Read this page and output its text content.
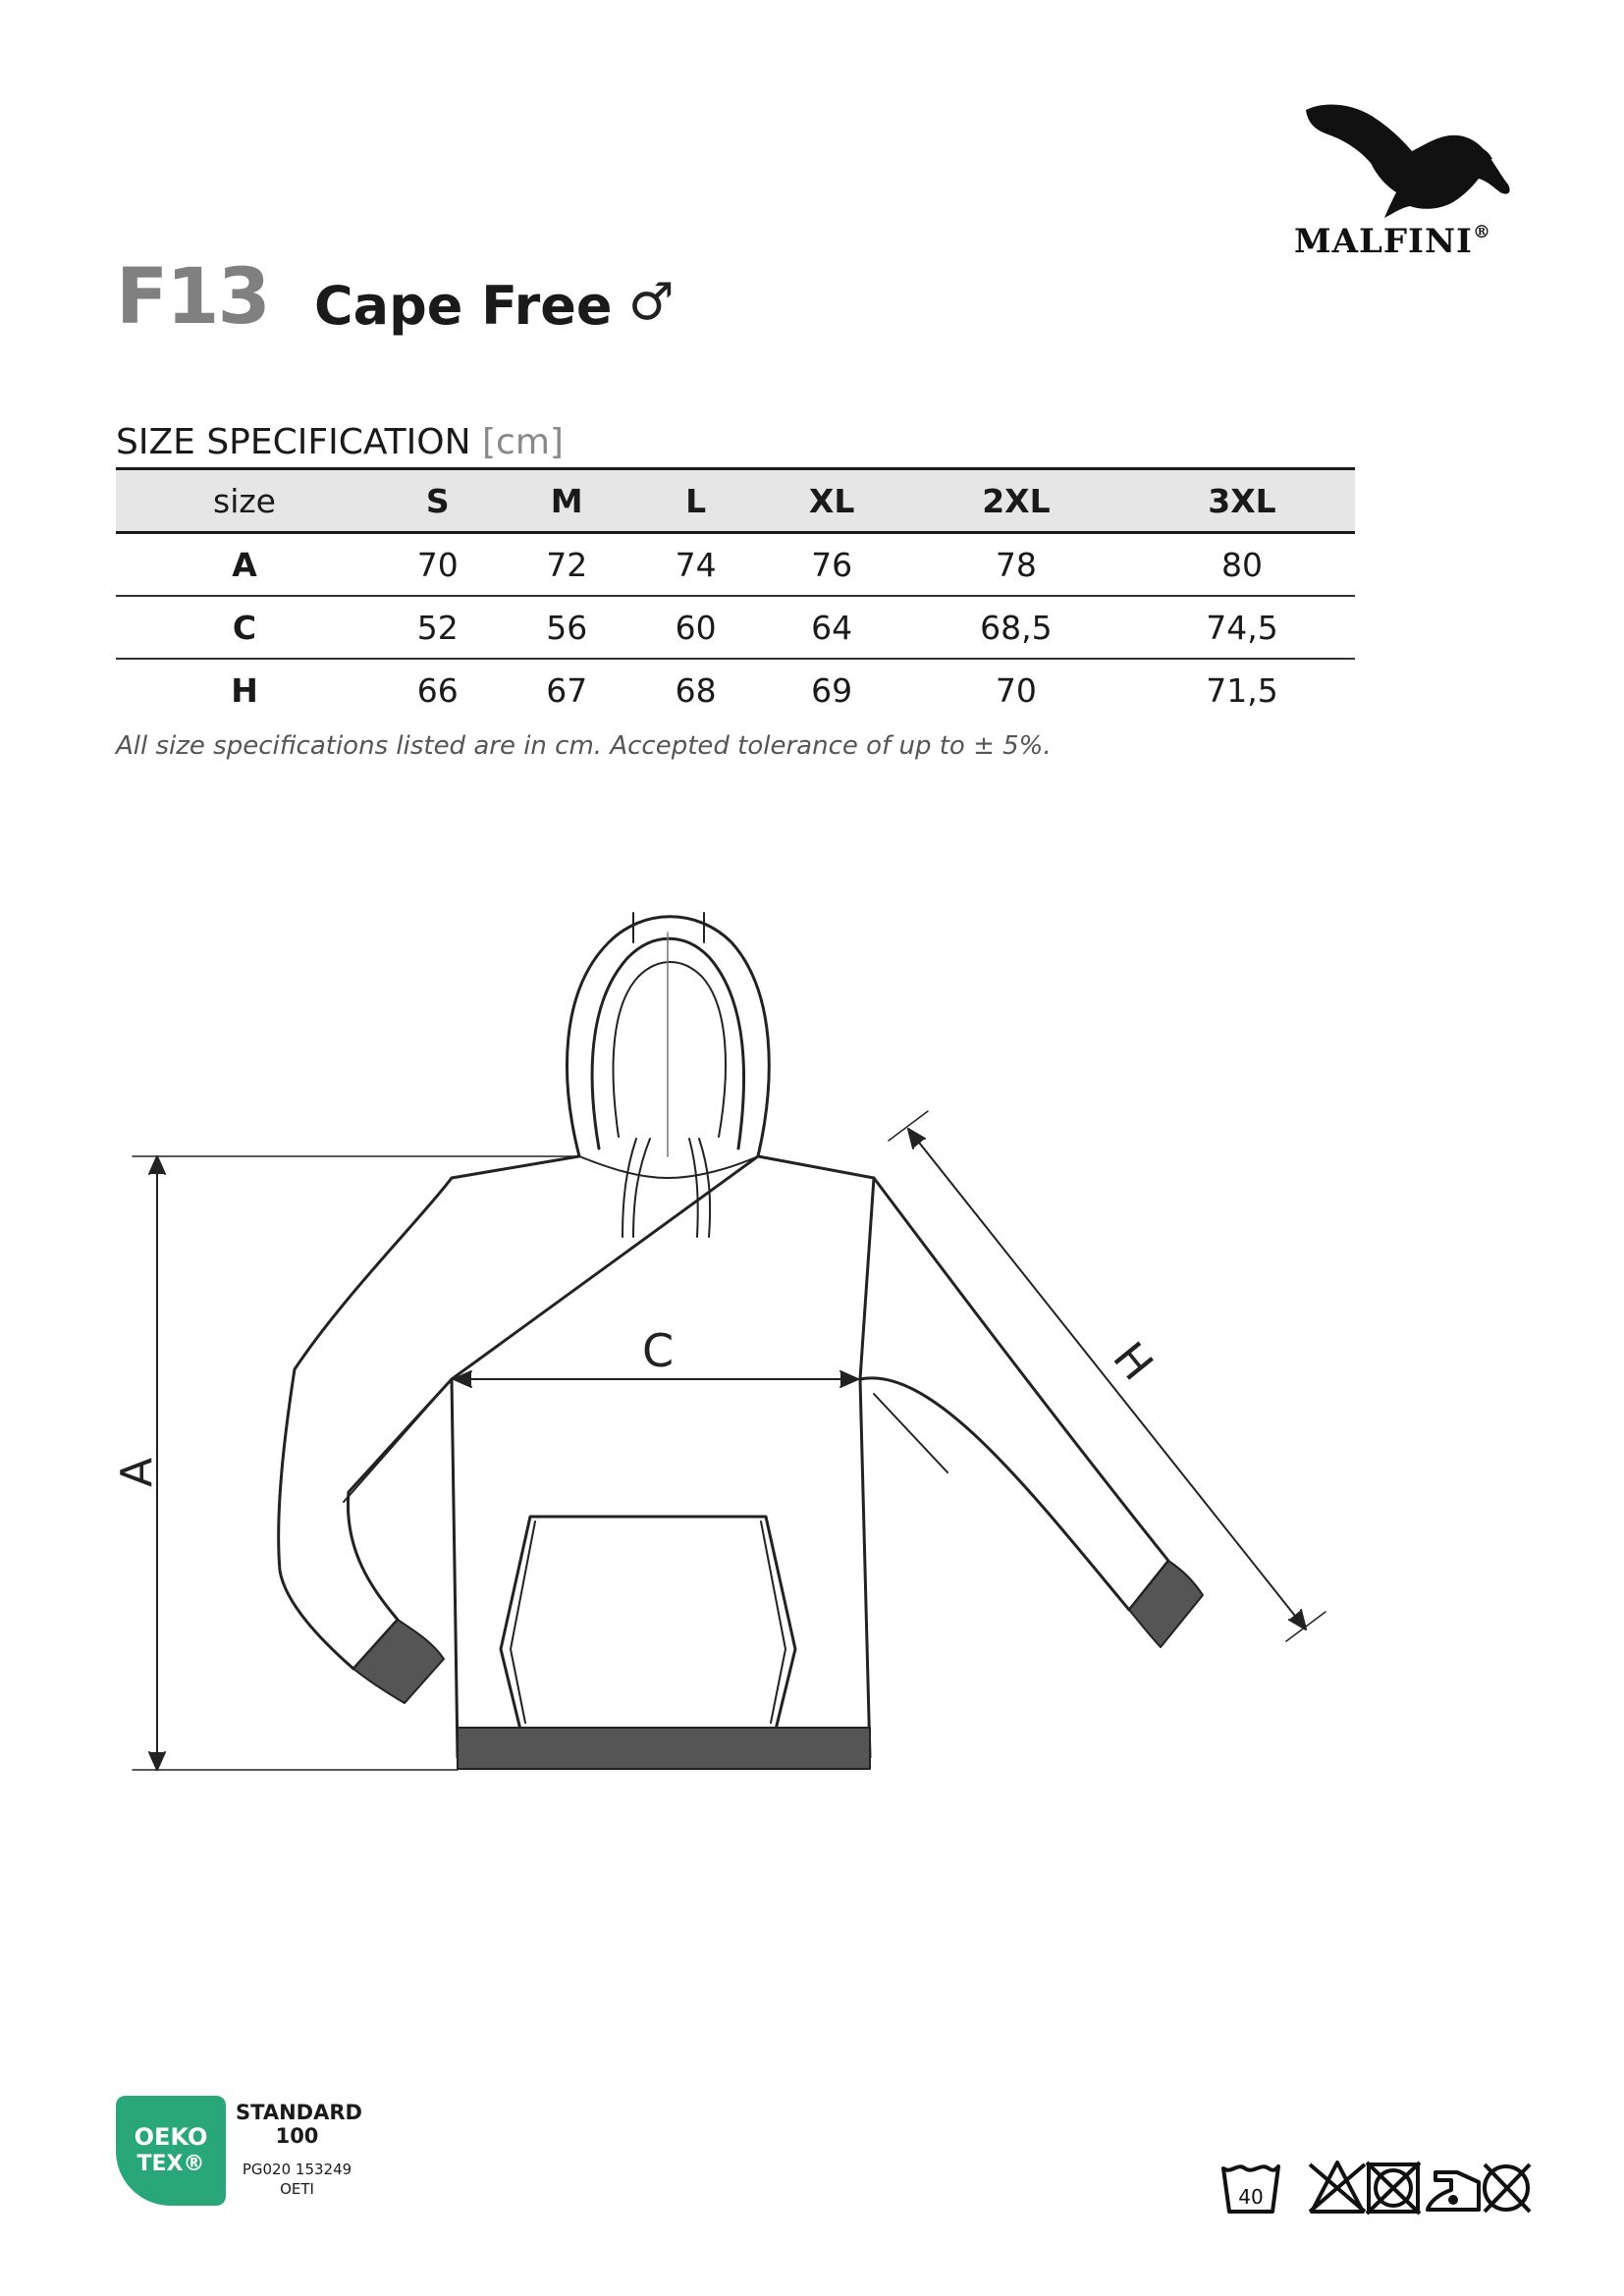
F13 Cape Free ♂
MALFINI®
SIZE SPECIFICATION [cm]
size	S	M	L	XL	2XL	3XL
A	70	72	74	76	78	80
C	52	56	60	64	68,5	74,5
H	66	67	68	69	70	71,5
All size specifications listed are in cm. Accepted tolerance of up to ± 5%.
A
C	H
OEKO
TEX®
STANDARD
100
PG020 153249
OETI	40
